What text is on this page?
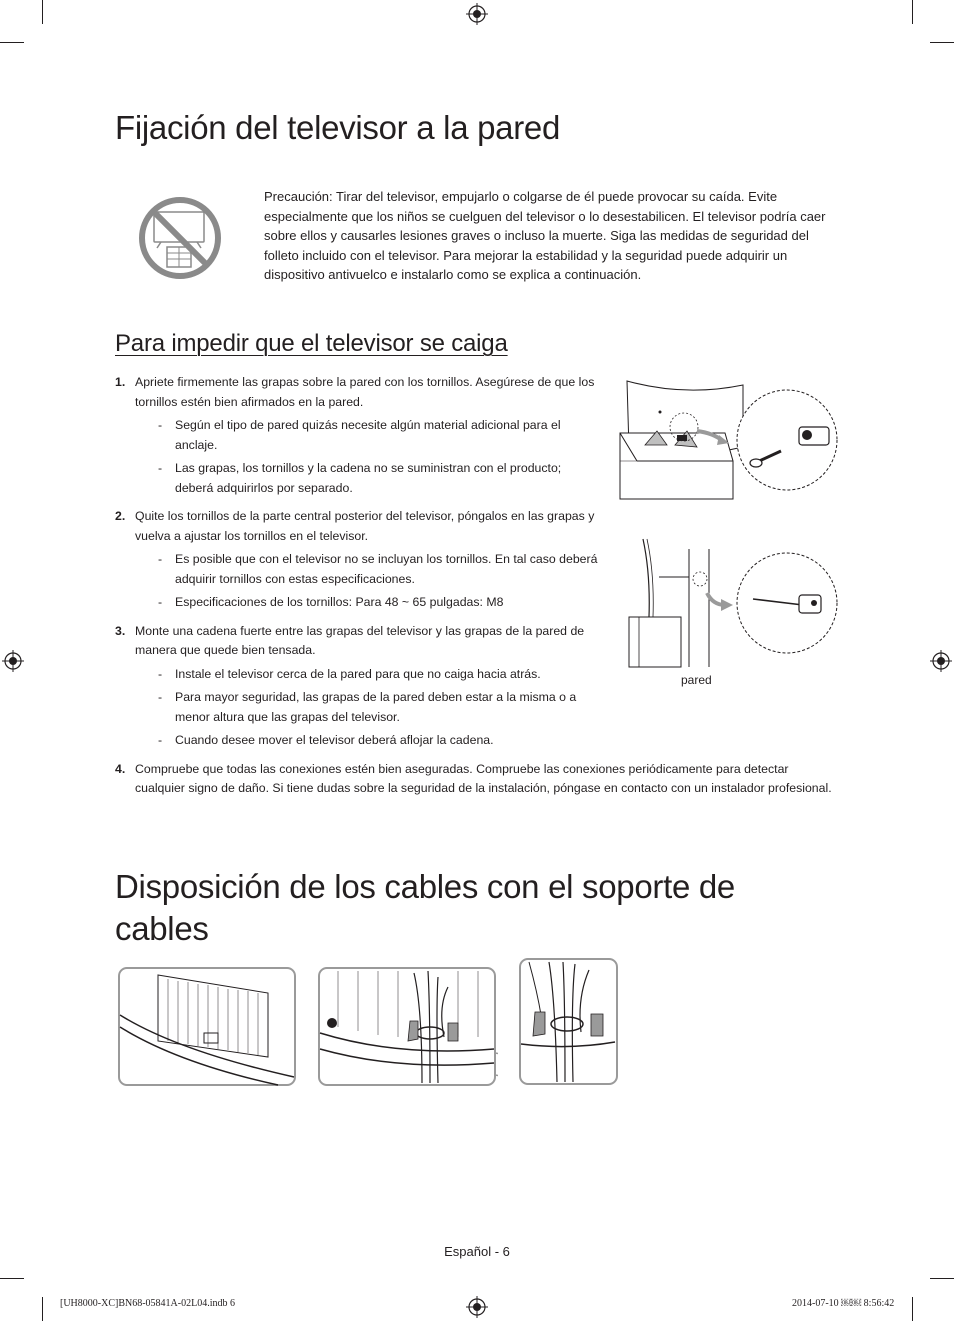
Fijación del televisor a la pared

Precaución: Tirar del televisor, empujarlo o colgarse de él puede provocar su caída. Evite especialmente que los niños se cuelguen del televisor o lo desestabilicen. El televisor podría caer sobre ellos y causarles lesiones graves o incluso la muerte. Siga las medidas de seguridad del folleto incluido con el televisor. Para mejorar la estabilidad y la seguridad puede adquirir un dispositivo antivuelco e instalarlo como se explica a continuación.

Para impedir que el televisor se caiga
1. Apriete firmemente las grapas sobre la pared con los tornillos. Asegúrese de que los tornillos estén bien afirmados en la pared.
- Según el tipo de pared quizás necesite algún material adicional para el anclaje.
- Las grapas, los tornillos y la cadena no se suministran con el producto; deberá adquirirlos por separado.
2. Quite los tornillos de la parte central posterior del televisor, póngalos en las grapas y vuelva a ajustar los tornillos en el televisor.
- Es posible que con el televisor no se incluyan los tornillos. En tal caso deberá adquirir tornillos con estas especificaciones.
- Especificaciones de los tornillos: Para 48 ~ 65 pulgadas: M8
3. Monte una cadena fuerte entre las grapas del televisor y las grapas de la pared de manera que quede bien tensada.
- Instale el televisor cerca de la pared para que no caiga hacia atrás.
- Para mayor seguridad, las grapas de la pared deben estar a la misma o a menor altura que las grapas del televisor.
- Cuando desee mover el televisor deberá aflojar la cadena.
4. Compruebe que todas las conexiones estén bien aseguradas. Compruebe las conexiones periódicamente para detectar cualquier signo de daño. Si tiene dudas sobre la seguridad de la instalación, póngase en contacto con un instalador profesional.
pared
Disposición de los cables con el soporte de cables
Español - 6
[UH8000-XC]BN68-05841A-02L04.indb 6	2014-07-10 ￼￼ 8:56:42
